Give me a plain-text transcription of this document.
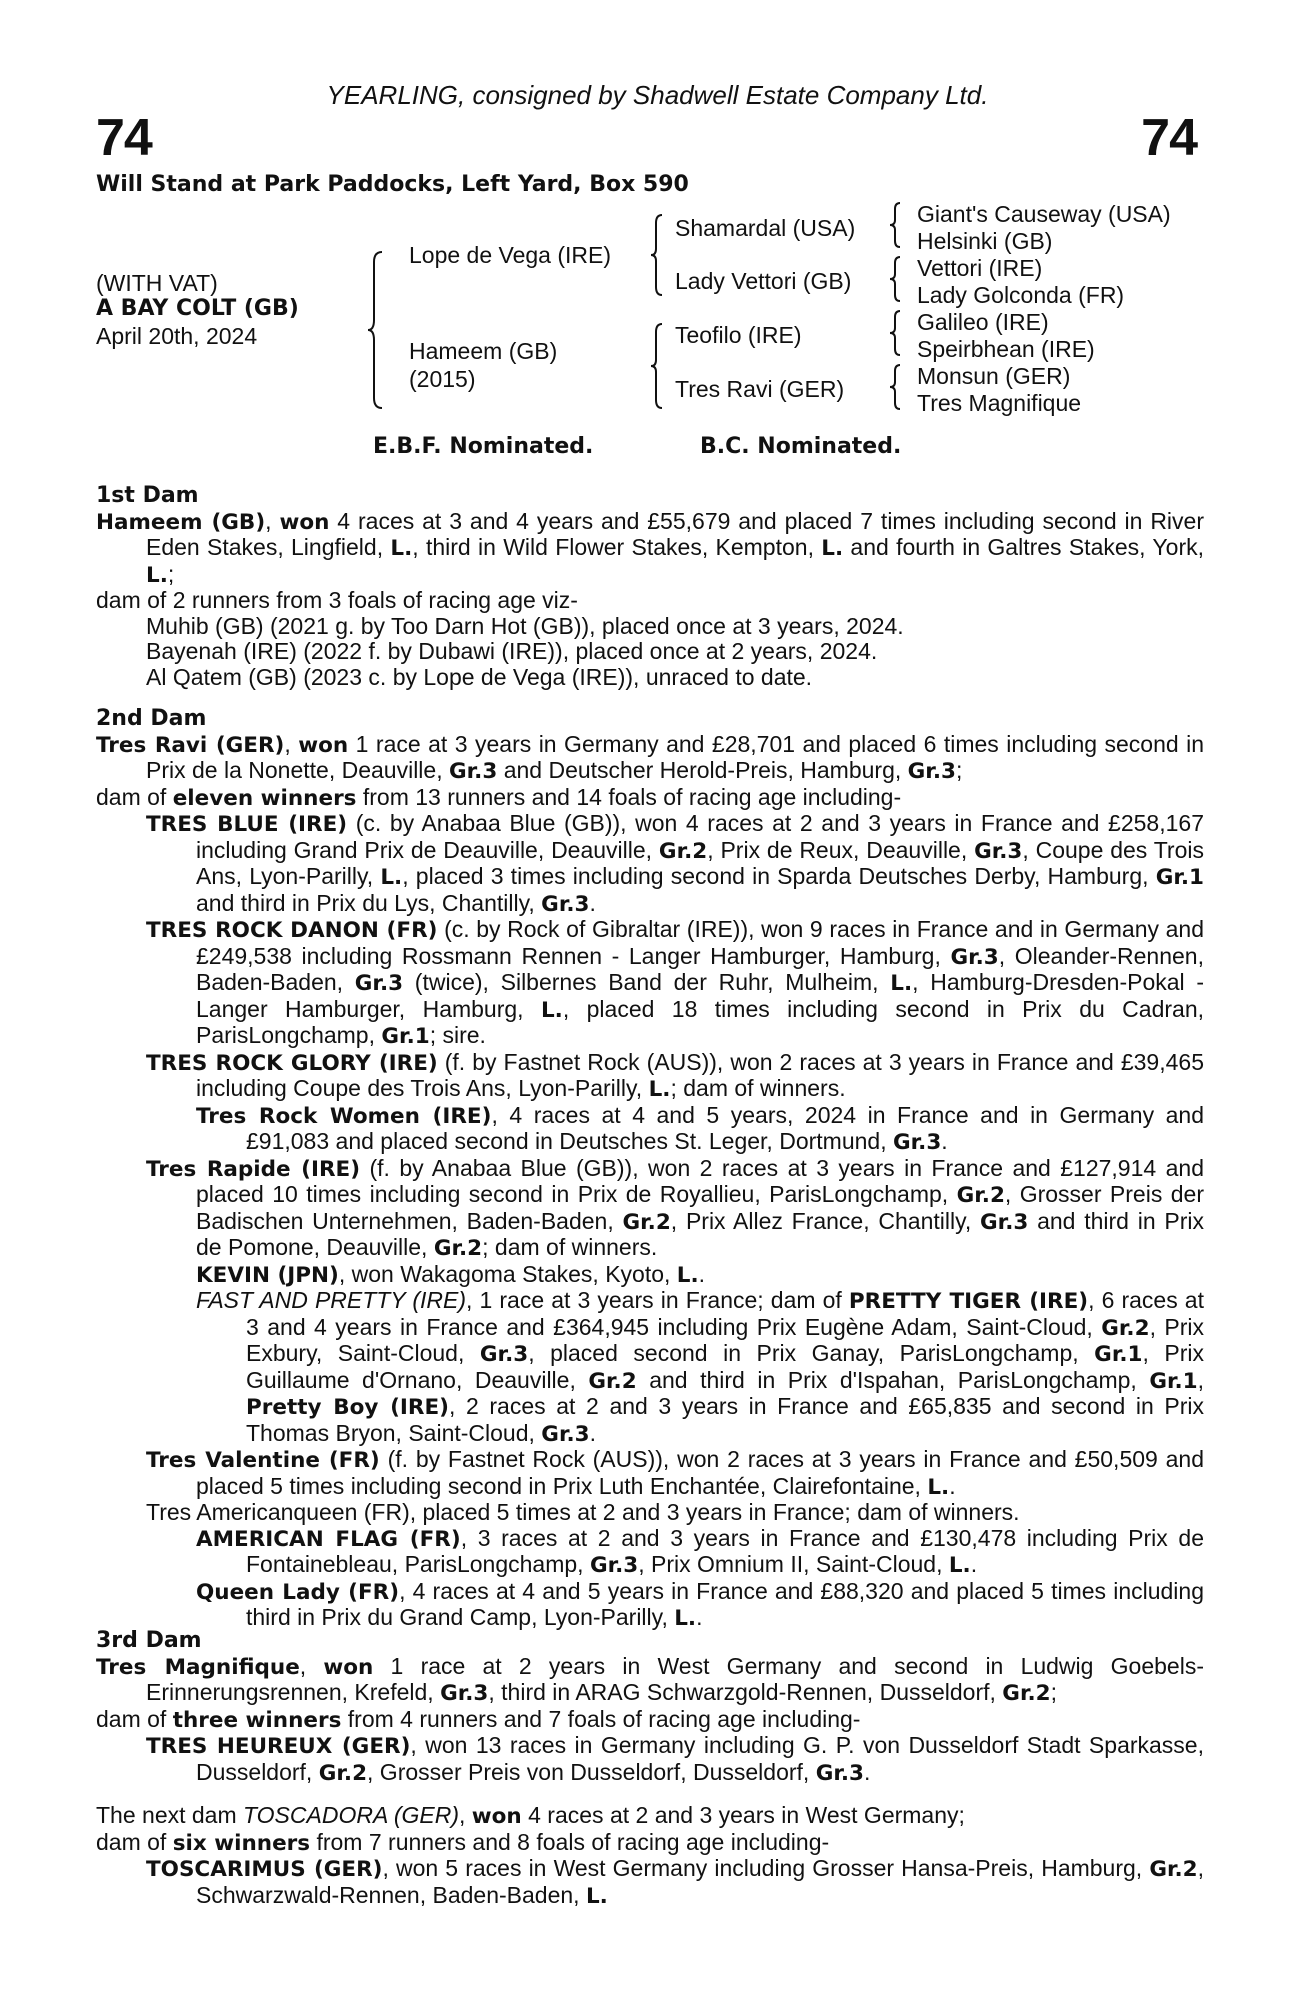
74	74
YEARLING, consigned by Shadwell Estate Company Ltd.
Will Stand at Park Paddocks, Left Yard, Box 590
(WITH VAT)
A BAY COLT (GB)
April 20th, 2024
Lope de Vega (IRE)
Hameem (GB)
(2015)
Shamardal (USA)
Lady Vettori (GB)
Teofilo (IRE)
Tres Ravi (GER)
Giant's Causeway (USA)
Helsinki (GB)
Vettori (IRE)
Lady Golconda (FR)
Galileo (IRE)
Speirbhean (IRE)
Monsun (GER)
Tres Magnifique
E.B.F. Nominated.	B.C. Nominated.

1st Dam

Hameem (GB), won 4 races at 3 and 4 years and £55,679 and placed 7 times including second in River Eden Stakes, Lingfield, L., third in Wild Flower Stakes, Kempton, L. and fourth in Galtres Stakes, York, L.;

dam of 2 runners from 3 foals of racing age viz-

Muhib (GB) (2021 g. by Too Darn Hot (GB)), placed once at 3 years, 2024.

Bayenah (IRE) (2022 f. by Dubawi (IRE)), placed once at 2 years, 2024.

Al Qatem (GB) (2023 c. by Lope de Vega (IRE)), unraced to date.

2nd Dam

Tres Ravi (GER), won 1 race at 3 years in Germany and £28,701 and placed 6 times including second in Prix de la Nonette, Deauville, Gr.3 and Deutscher Herold-Preis, Hamburg, Gr.3;

dam of eleven winners from 13 runners and 14 foals of racing age including-

TRES BLUE (IRE) (c. by Anabaa Blue (GB)), won 4 races at 2 and 3 years in France and £258,167 including Grand Prix de Deauville, Deauville, Gr.2, Prix de Reux, Deauville, Gr.3, Coupe des Trois Ans, Lyon-Parilly, L., placed 3 times including second in Sparda Deutsches Derby, Hamburg, Gr.1 and third in Prix du Lys, Chantilly, Gr.3.

TRES ROCK DANON (FR) (c. by Rock of Gibraltar (IRE)), won 9 races in France and in Germany and £249,538 including Rossmann Rennen - Langer Hamburger, Hamburg, Gr.3, Oleander-Rennen, Baden-Baden, Gr.3 (twice), Silbernes Band der Ruhr, Mulheim, L., Hamburg-Dresden-Pokal - Langer Hamburger, Hamburg, L., placed 18 times including second in Prix du Cadran, ParisLongchamp, Gr.1; sire.

TRES ROCK GLORY (IRE) (f. by Fastnet Rock (AUS)), won 2 races at 3 years in France and £39,465 including Coupe des Trois Ans, Lyon-Parilly, L.; dam of winners.

Tres Rock Women (IRE), 4 races at 4 and 5 years, 2024 in France and in Germany and £91,083 and placed second in Deutsches St. Leger, Dortmund, Gr.3.

Tres Rapide (IRE) (f. by Anabaa Blue (GB)), won 2 races at 3 years in France and £127,914 and placed 10 times including second in Prix de Royallieu, ParisLongchamp, Gr.2, Grosser Preis der Badischen Unternehmen, Baden-Baden, Gr.2, Prix Allez France, Chantilly, Gr.3 and third in Prix de Pomone, Deauville, Gr.2; dam of winners.

KEVIN (JPN), won Wakagoma Stakes, Kyoto, L..

FAST AND PRETTY (IRE), 1 race at 3 years in France; dam of PRETTY TIGER (IRE), 6 races at 3 and 4 years in France and £364,945 including Prix Eugène Adam, Saint-Cloud, Gr.2, Prix Exbury, Saint-Cloud, Gr.3, placed second in Prix Ganay, ParisLongchamp, Gr.1, Prix Guillaume d'Ornano, Deauville, Gr.2 and third in Prix d'Ispahan, ParisLongchamp, Gr.1, Pretty Boy (IRE), 2 races at 2 and 3 years in France and £65,835 and second in Prix Thomas Bryon, Saint-Cloud, Gr.3.

Tres Valentine (FR) (f. by Fastnet Rock (AUS)), won 2 races at 3 years in France and £50,509 and placed 5 times including second in Prix Luth Enchantée, Clairefontaine, L..

Tres Americanqueen (FR), placed 5 times at 2 and 3 years in France; dam of winners.

AMERICAN FLAG (FR), 3 races at 2 and 3 years in France and £130,478 including Prix de Fontainebleau, ParisLongchamp, Gr.3, Prix Omnium II, Saint-Cloud, L..

Queen Lady (FR), 4 races at 4 and 5 years in France and £88,320 and placed 5 times including third in Prix du Grand Camp, Lyon-Parilly, L..

3rd Dam

Tres Magnifique, won 1 race at 2 years in West Germany and second in Ludwig Goebels-Erinnerungsrennen, Krefeld, Gr.3, third in ARAG Schwarzgold-Rennen, Dusseldorf, Gr.2;

dam of three winners from 4 runners and 7 foals of racing age including-

TRES HEUREUX (GER), won 13 races in Germany including G. P. von Dusseldorf Stadt Sparkasse, Dusseldorf, Gr.2, Grosser Preis von Dusseldorf, Dusseldorf, Gr.3.

The next dam TOSCADORA (GER), won 4 races at 2 and 3 years in West Germany;

dam of six winners from 7 runners and 8 foals of racing age including-

TOSCARIMUS (GER), won 5 races in West Germany including Grosser Hansa-Preis, Hamburg, Gr.2, Schwarzwald-Rennen, Baden-Baden, L.
